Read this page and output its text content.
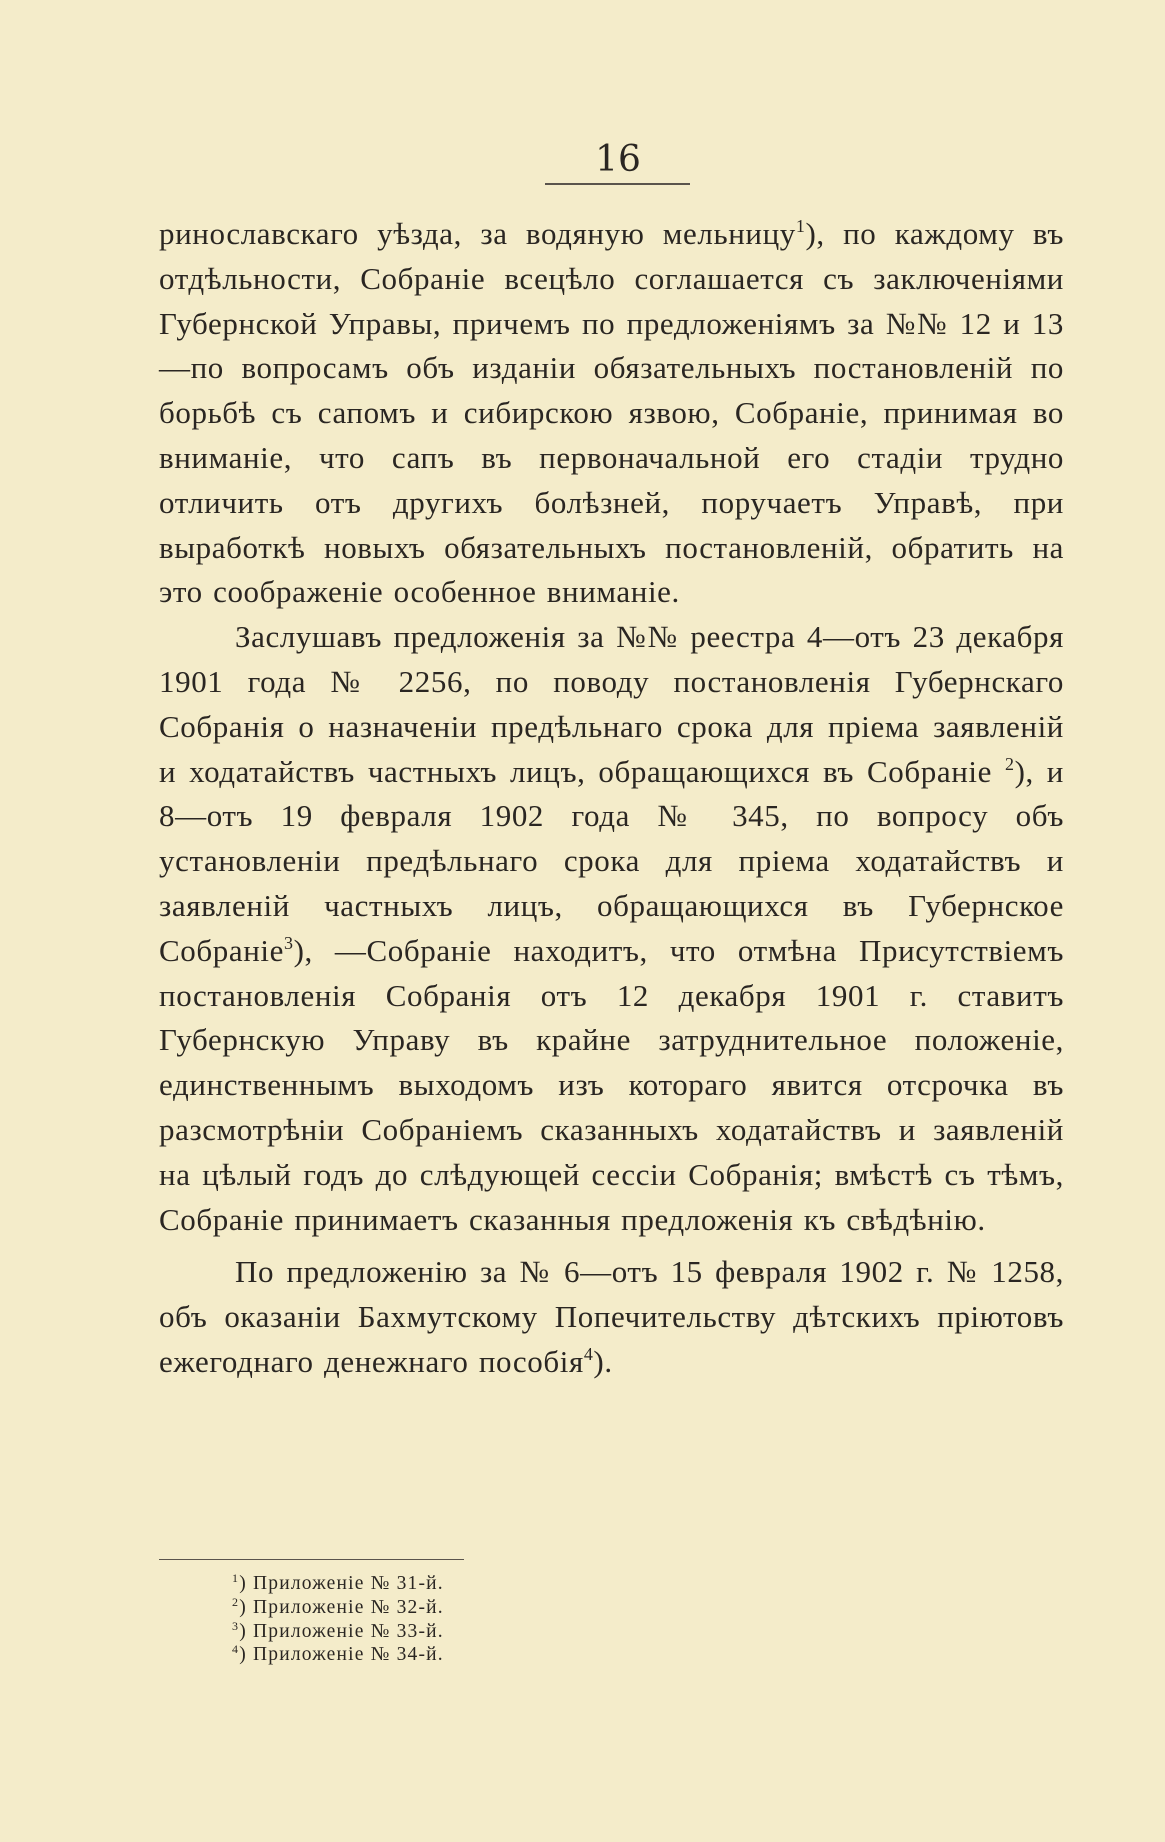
16

ринославскаго уѣзда, за водяную мельницу$^1$), по каждому въ отдѣльности, Собраніе всецѣло соглашается съ заключеніями Губернской Управы, причемъ по предложеніямъ за №№ 12 и 13—по вопросамъ объ изданіи обязательныхъ постановленій по борьбѣ съ сапомъ и сибирскою язвою, Собраніе, принимая во вниманіе, что сапъ въ первоначальной его стадіи трудно отличить отъ другихъ болѣзней, поручаетъ Управѣ, при выработкѣ новыхъ обязательныхъ постановленій, обратить на это соображеніе особенное вниманіе.

Заслушавъ предложенія за №№ реестра 4—отъ 23 декабря 1901 года № 2256, по поводу постановленія Губернскаго Собранія о назначеніи предѣльнаго срока для пріема заявленій и ходатайствъ частныхъ лицъ, обращающихся въ Собраніе $^2$), и 8—отъ 19 февраля 1902 года № 345, по вопросу объ установленіи предѣльнаго срока для пріема ходатайствъ и заявленій частныхъ лицъ, обращающихся въ Губернское Собраніе$^3$), —Собраніе находитъ, что отмѣна Присутствіемъ постановленія Собранія отъ 12 декабря 1901 г. ставитъ Губернскую Управу въ крайне затруднительное положеніе, единственнымъ выходомъ изъ котораго явится отсрочка въ разсмотрѣніи Собраніемъ сказанныхъ ходатайствъ и заявленій на цѣлый годъ до слѣдующей сессіи Собранія; вмѣстѣ съ тѣмъ, Собраніе принимаетъ сказанныя предложенія къ свѣдѣнію.

По предложенію за № 6—отъ 15 февраля 1902 г. № 1258, объ оказаніи Бахмутскому Попечительству дѣтскихъ пріютовъ ежегоднаго денежнаго пособія$^4$).

$^1$) Приложеніе № 31-й.
$^2$) Приложеніе № 32-й.
$^3$) Приложеніе № 33-й.
$^4$) Приложеніе № 34-й.
